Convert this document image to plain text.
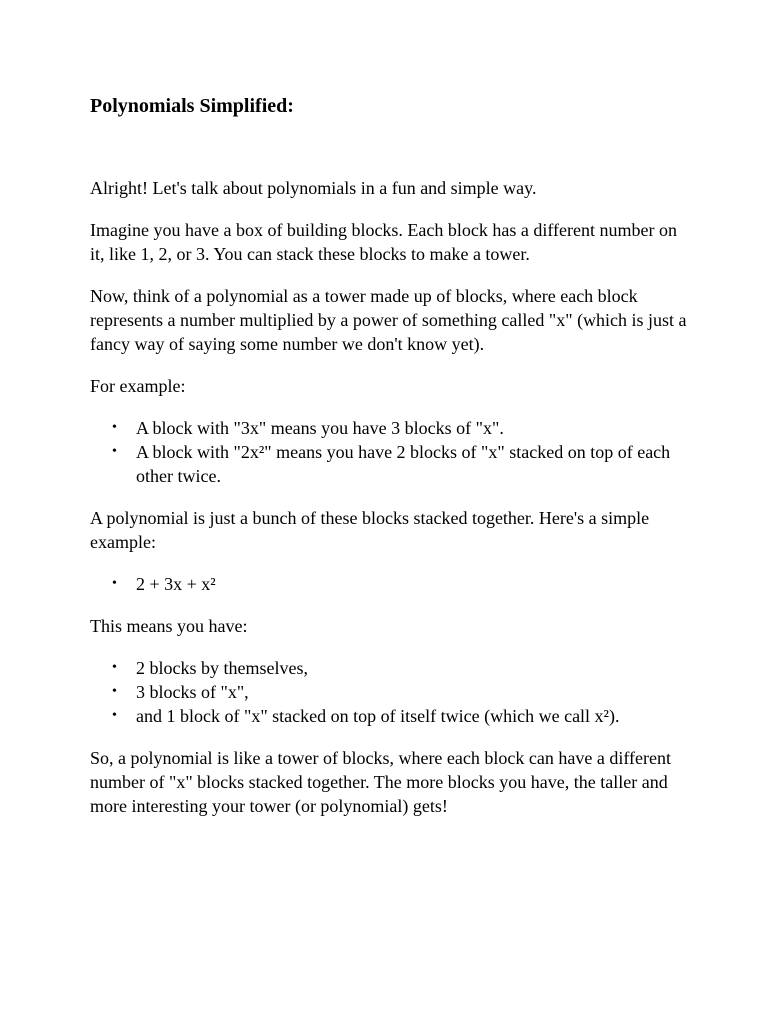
Polynomials Simplified:

Alright! Let's talk about polynomials in a fun and simple way.

Imagine you have a box of building blocks. Each block has a different number on it, like 1, 2, or 3. You can stack these blocks to make a tower.

Now, think of a polynomial as a tower made up of blocks, where each block represents a number multiplied by a power of something called "x" (which is just a fancy way of saying some number we don't know yet).

For example:

• A block with "3x" means you have 3 blocks of "x".
• A block with "2x²" means you have 2 blocks of "x" stacked on top of each other twice.

A polynomial is just a bunch of these blocks stacked together. Here's a simple example:

• 2 + 3x + x²

This means you have:

• 2 blocks by themselves,
• 3 blocks of "x",
• and 1 block of "x" stacked on top of itself twice (which we call x²).

So, a polynomial is like a tower of blocks, where each block can have a different number of "x" blocks stacked together. The more blocks you have, the taller and more interesting your tower (or polynomial) gets!
